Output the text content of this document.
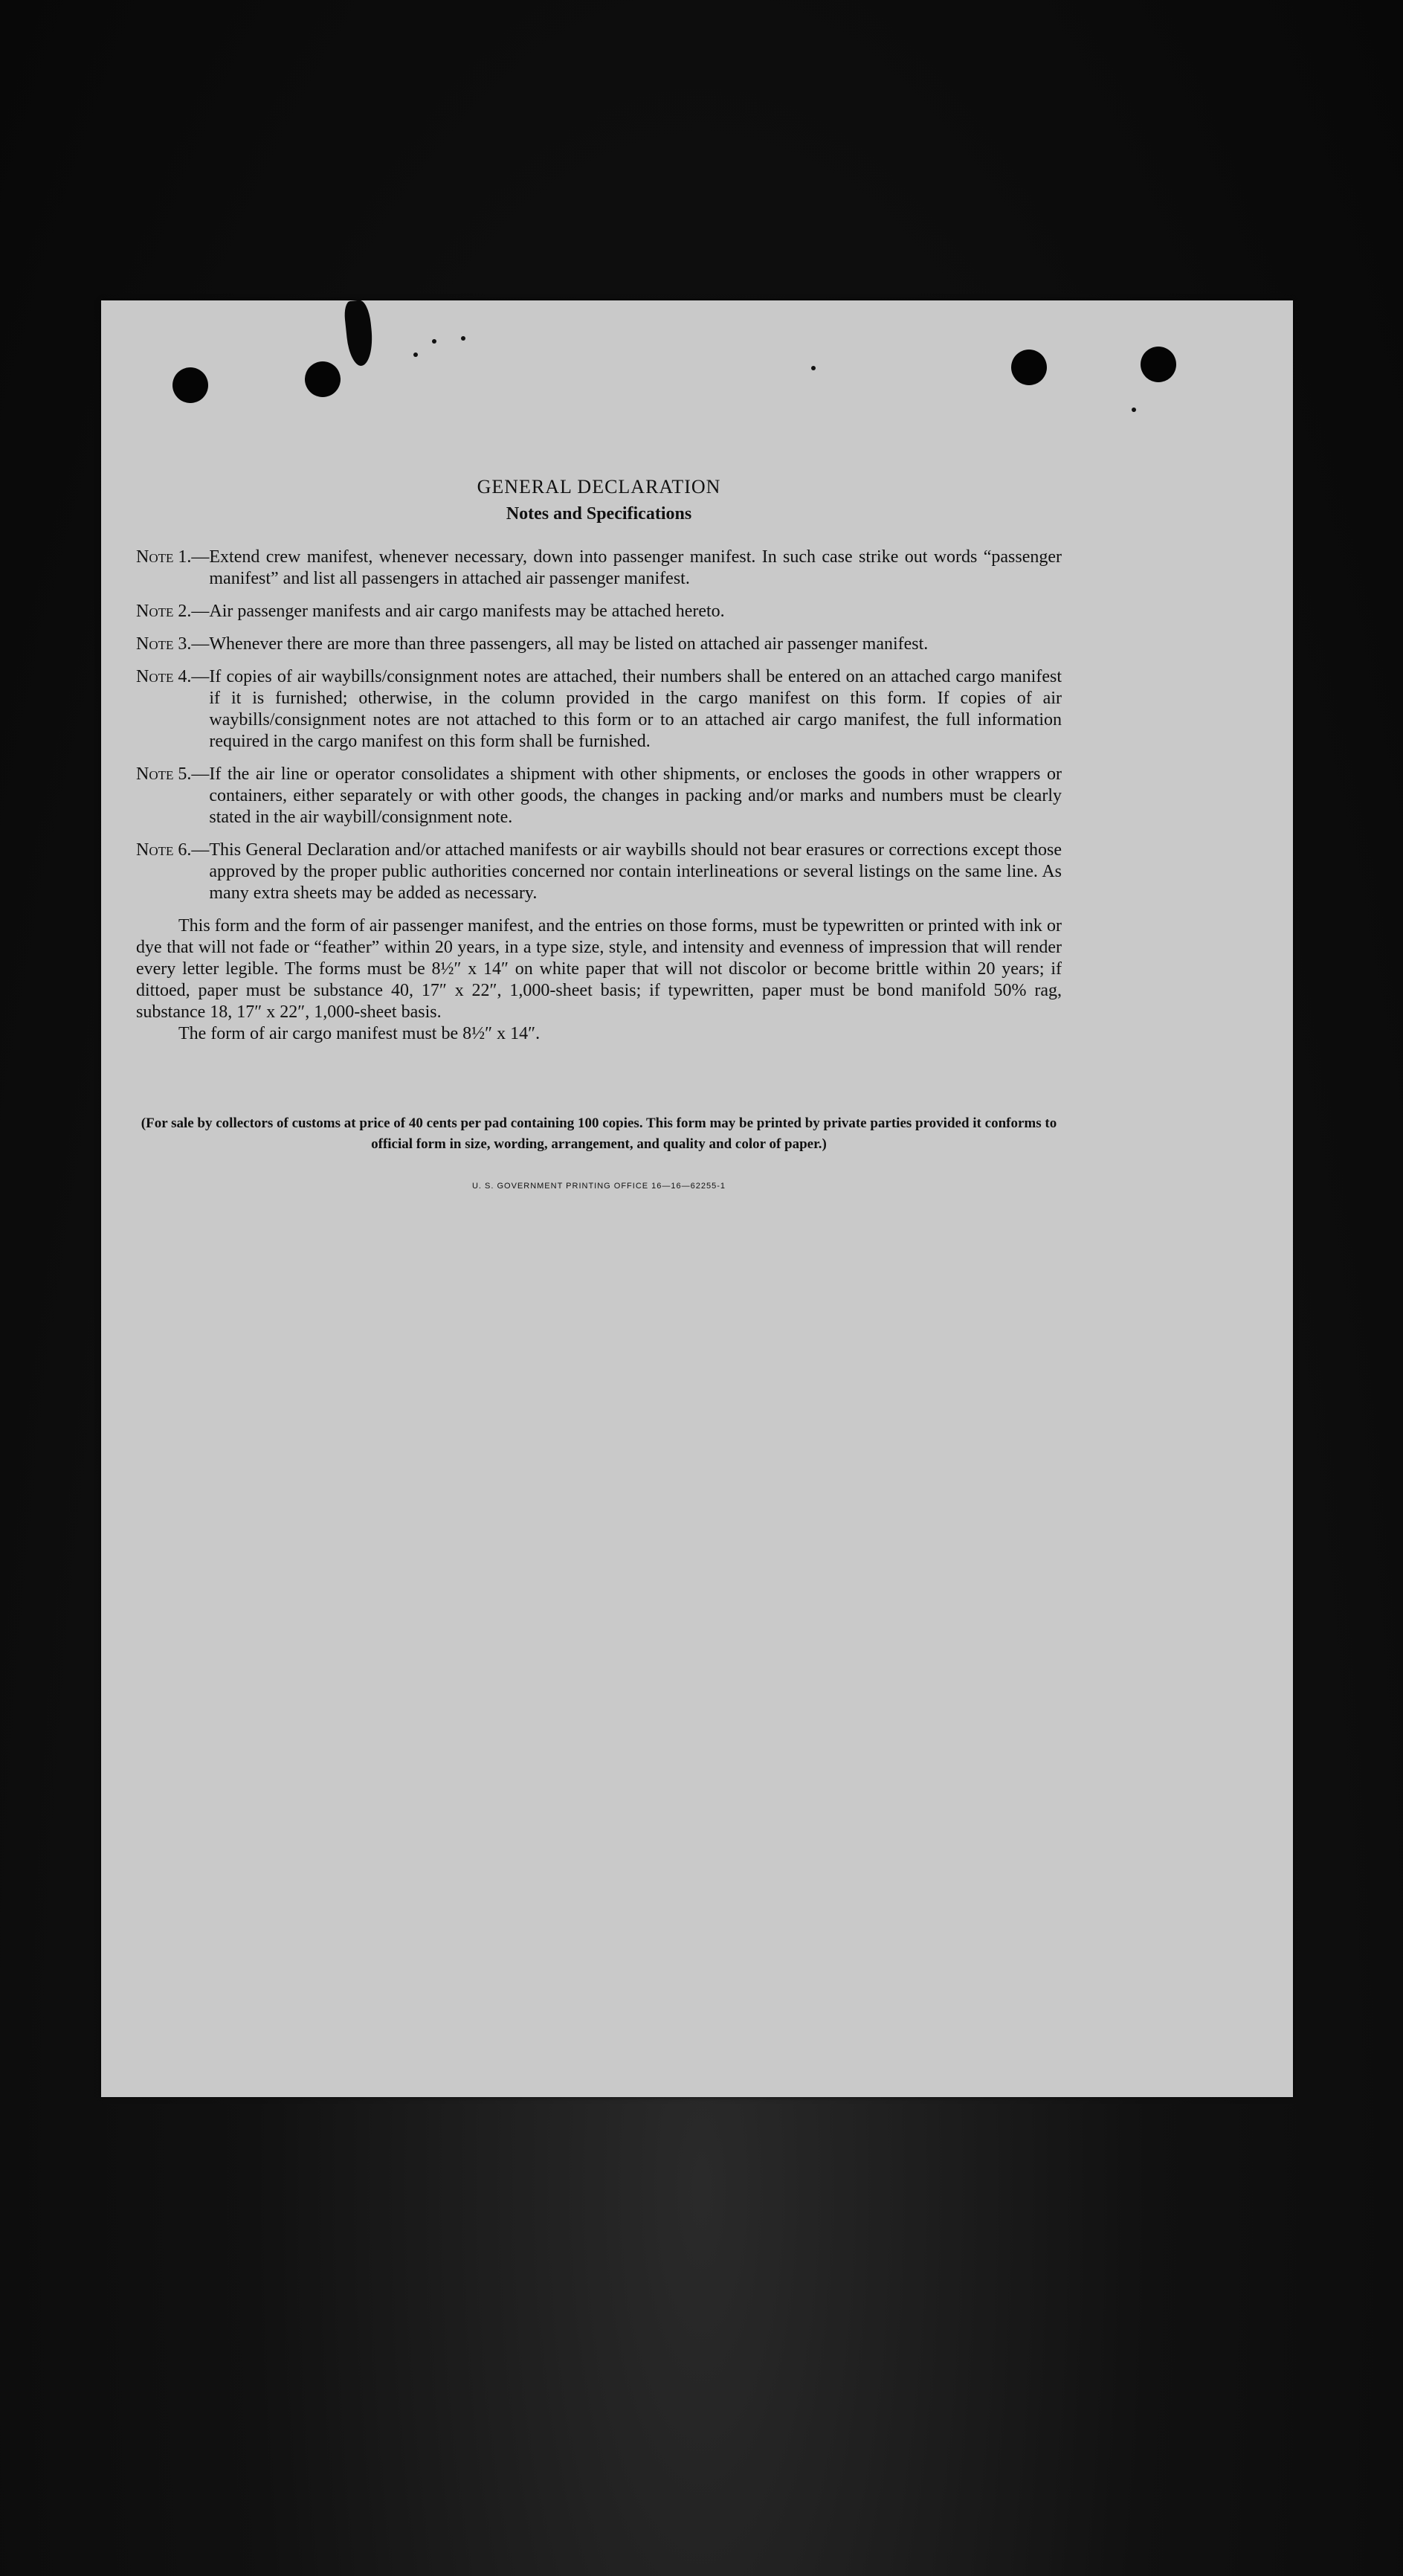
GENERAL DECLARATION
Notes and Specifications
Note 1.— Extend crew manifest, whenever necessary, down into passenger manifest. In such case strike out words “passenger manifest” and list all passengers in attached air passenger manifest.
Note 2.— Air passenger manifests and air cargo manifests may be attached hereto.
Note 3.— Whenever there are more than three passengers, all may be listed on attached air passenger manifest.
Note 4.— If copies of air waybills/consignment notes are attached, their numbers shall be entered on an attached cargo manifest if it is furnished; otherwise, in the column provided in the cargo manifest on this form. If copies of air waybills/consignment notes are not attached to this form or to an attached air cargo manifest, the full information required in the cargo manifest on this form shall be furnished.
Note 5.— If the air line or operator consolidates a shipment with other shipments, or encloses the goods in other wrappers or containers, either separately or with other goods, the changes in packing and/or marks and numbers must be clearly stated in the air waybill/consignment note.
Note 6.— This General Declaration and/or attached manifests or air waybills should not bear erasures or corrections except those approved by the proper public authorities concerned nor contain interlineations or several listings on the same line. As many extra sheets may be added as necessary.

This form and the form of air passenger manifest, and the entries on those forms, must be typewritten or printed with ink or dye that will not fade or “feather” within 20 years, in a type size, style, and intensity and evenness of impression that will render every letter legible. The forms must be 8½″ x 14″ on white paper that will not discolor or become brittle within 20 years; if dittoed, paper must be substance 40, 17″ x 22″, 1,000-sheet basis; if typewritten, paper must be bond manifold 50% rag, substance 18, 17″ x 22″, 1,000-sheet basis.

The form of air cargo manifest must be 8½″ x 14″.

(For sale by collectors of customs at price of 40 cents per pad containing 100 copies. This form may be printed by private parties provided it conforms to official form in size, wording, arrangement, and quality and color of paper.)

U. S. GOVERNMENT PRINTING OFFICE 16—16—62255-1
